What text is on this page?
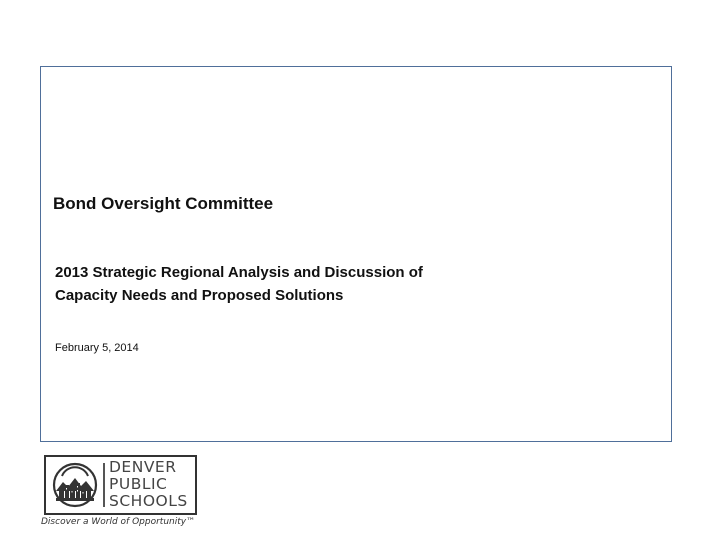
Bond Oversight Committee
2013 Strategic Regional Analysis and Discussion of
Capacity Needs and Proposed Solutions
February 5, 2014
DENVER
PUBLIC
SCHOOLS
Discover a World of Opportunity™
